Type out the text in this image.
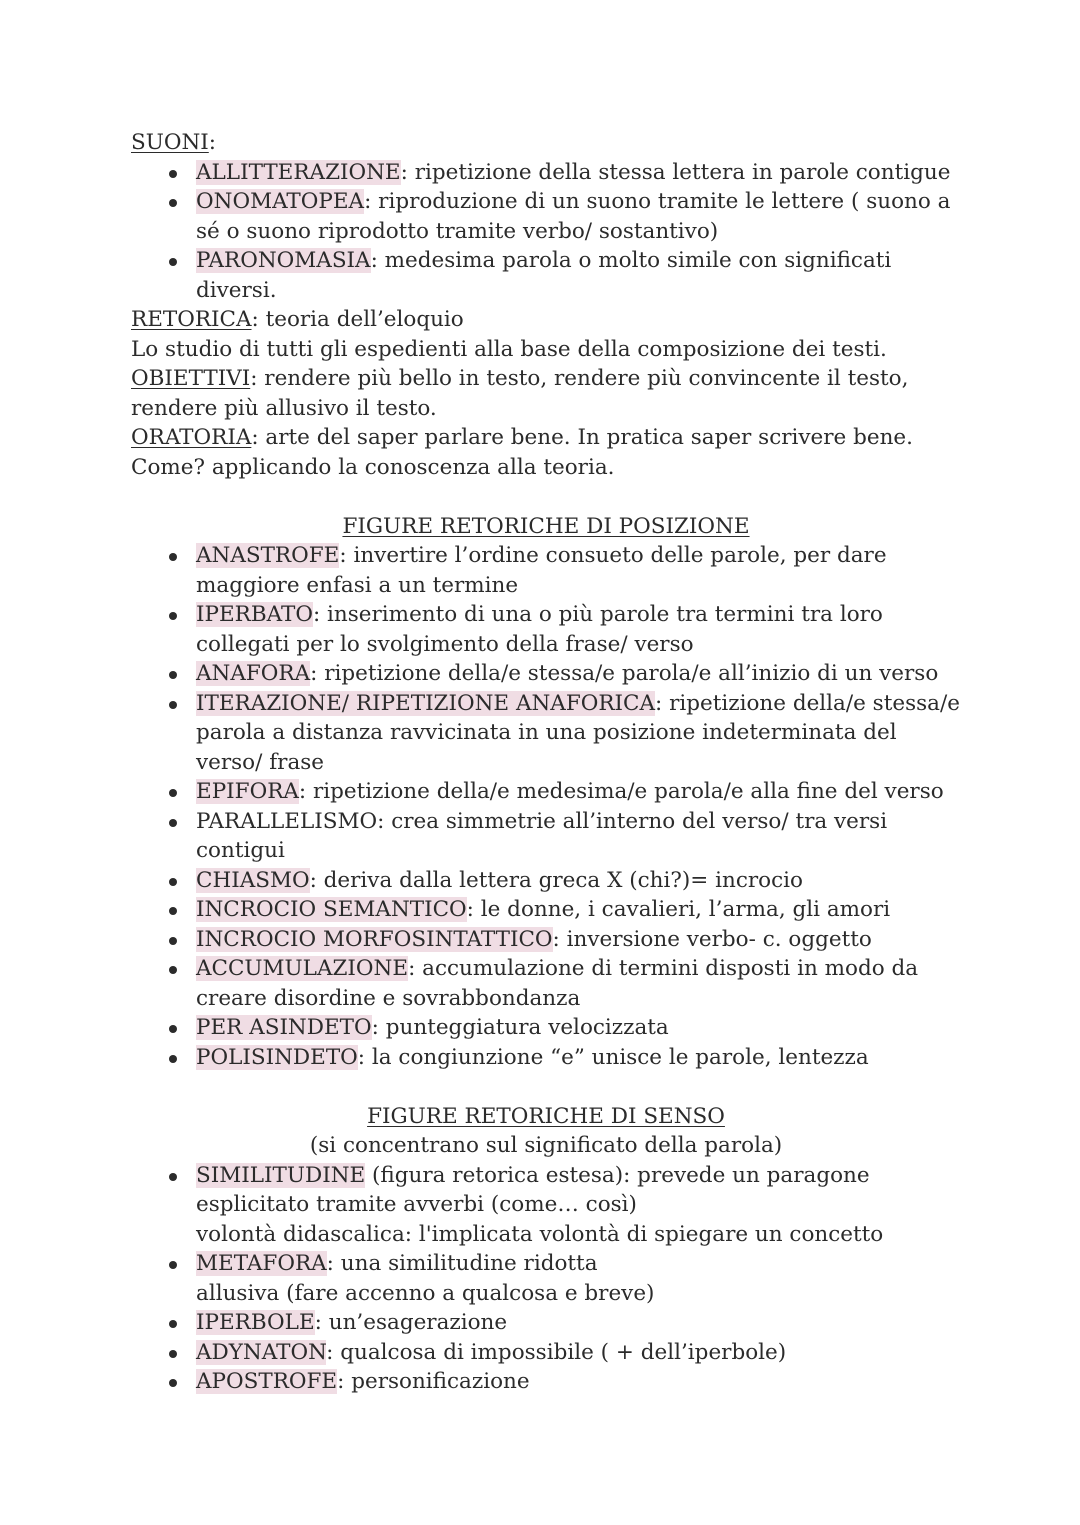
SUONI:

ALLITTERAZIONE: ripetizione della stessa lettera in parole contigue
ONOMATOPEA: riproduzione di un suono tramite le lettere ( suono a sé o suono riprodotto tramite verbo/ sostantivo)
PARONOMASIA: medesima parola o molto simile con significati diversi.

RETORICA: teoria dell’eloquio

Lo studio di tutti gli espedienti alla base della composizione dei testi.

OBIETTIVI: rendere più bello in testo, rendere più convincente il testo, rendere più allusivo il testo.

ORATORIA: arte del saper parlare bene. In pratica saper scrivere bene.

Come? applicando la conoscenza alla teoria.

FIGURE RETORICHE DI POSIZIONE

ANASTROFE: invertire l’ordine consueto delle parole, per dare maggiore enfasi a un termine
IPERBATO: inserimento di una o più parole tra termini tra loro collegati per lo svolgimento della frase/ verso
ANAFORA: ripetizione della/e stessa/e parola/e all’inizio di un verso
ITERAZIONE/ RIPETIZIONE ANAFORICA: ripetizione della/e stessa/e parola a distanza ravvicinata in una posizione indeterminata del verso/ frase
EPIFORA: ripetizione della/e medesima/e parola/e alla fine del verso
PARALLELISMO: crea simmetrie all’interno del verso/ tra versi contigui
CHIASMO: deriva dalla lettera greca X (chi?)= incrocio
INCROCIO SEMANTICO: le donne, i cavalieri, l’arma, gli amori
INCROCIO MORFOSINTATTICO: inversione verbo- c. oggetto
ACCUMULAZIONE: accumulazione di termini disposti in modo da creare disordine e sovrabbondanza
PER ASINDETO: punteggiatura velocizzata
POLISINDETO: la congiunzione “e” unisce le parole, lentezza

FIGURE RETORICHE DI SENSO

(si concentrano sul significato della parola)

SIMILITUDINE (figura retorica estesa): prevede un paragone esplicitato tramite avverbi (come… così)
volontà didascalica: l'implicata volontà di spiegare un concetto
METAFORA: una similitudine ridotta
allusiva (fare accenno a qualcosa e breve)
IPERBOLE: un’esagerazione
ADYNATON: qualcosa di impossibile ( + dell’iperbole)
APOSTROFE: personificazione
